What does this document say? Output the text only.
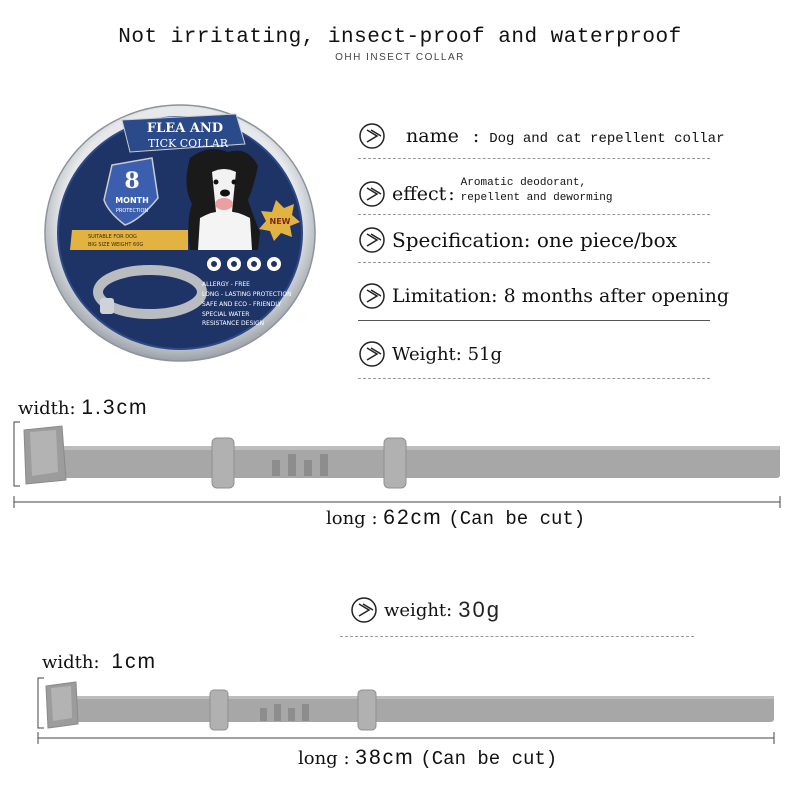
Not irritating, insect-proof and waterproof
OHH INSECT COLLAR
FLEA AND
TICK COLLAR
8
MONTH
PROTECTION
NEW
SUITABLE FOR DOG
BIG SIZE WEIGHT 60G
ALLERGY - FREE
LONG - LASTING PROTECTION
SAFE AND ECO - FRIENDLY
SPECIAL WATER
RESISTANCE DESIGN
name : Dog and cat repellent collar
effect : Aromatic deodorant,
repellent and deworming
Specification: one piece/box
Limitation: 8 months after opening
Weight: 51g
width: 1.3cm
long : 62cm (Can be cut)
weight: 30g
width: 1cm
long : 38cm (Can be cut)
